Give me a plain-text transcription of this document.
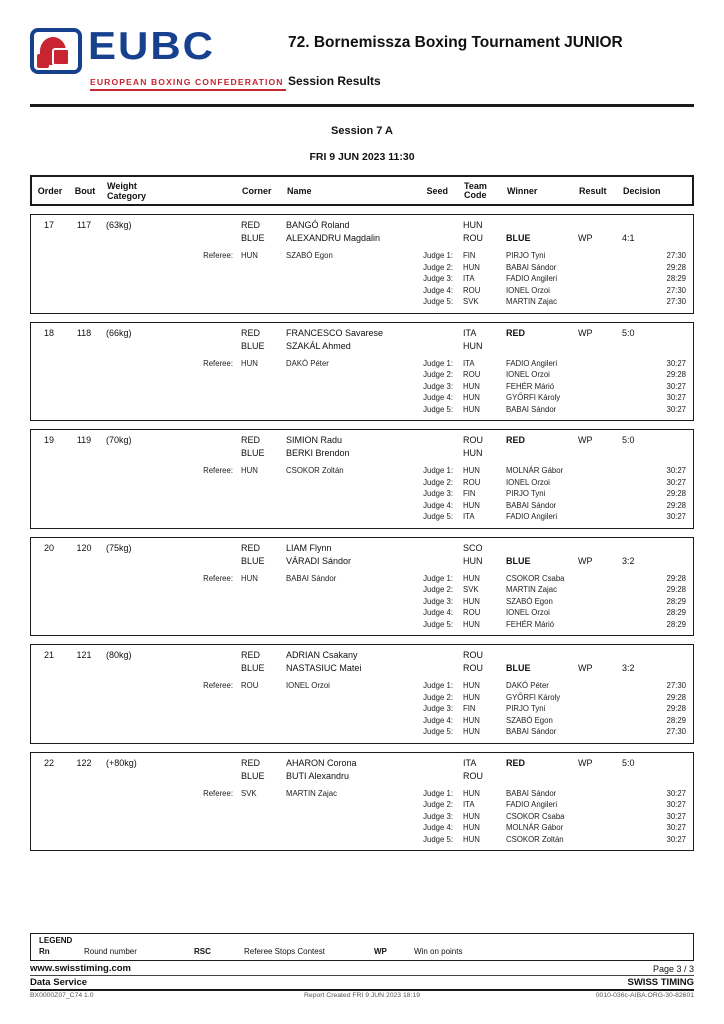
EUBC
EUROPEAN BOXING CONFEDERATION
72. Bornemissza Boxing Tournament JUNIOR
Session Results
Session 7 A
FRI 9 JUN 2023 11:30
Order	Bout	Weight Category	Corner	Name	Seed
Team Code	Winner	Result	Decision
17	117	(63kg)	RED	BANGÓ Roland	HUN
BLUE	ALEXANDRU Magdalin	ROU	BLUE	WP	4:1
Referee:	HUN	SZABÓ Egon	Judge 1:	FIN	PIRJO Tyni	27:30
Judge 2:	HUN	BABAI Sándor	29:28
Judge 3:	ITA	FADIO Angileri	28:29
Judge 4:	ROU	IONEL Orzoi	27:30
Judge 5:	SVK	MARTIN Zajac	27:30
18	118	(66kg)	RED	FRANCESCO Savarese	ITA	RED	WP	5:0
BLUE	SZAKÁL Ahmed	HUN
Referee:	HUN	DAKÓ Péter	Judge 1:	ITA	FADIO Angileri	30:27
Judge 2:	ROU	IONEL Orzoi	29:28
Judge 3:	HUN	FEHÉR Márió	30:27
Judge 4:	HUN	GYŐRFI Károly	30:27
Judge 5:	HUN	BABAI Sándor	30:27
19	119	(70kg)	RED	SIMION Radu	ROU	RED	WP	5:0
BLUE	BERKI Brendon	HUN
Referee:	HUN	CSOKOR Zoltán	Judge 1:	HUN	MOLNÁR Gábor	30:27
Judge 2:	ROU	IONEL Orzoi	30:27
Judge 3:	FIN	PIRJO Tyni	29:28
Judge 4:	HUN	BABAI Sándor	29:28
Judge 5:	ITA	FADIO Angileri	30:27
20	120	(75kg)	RED	LIAM Flynn	SCO
BLUE	VÁRADI Sándor	HUN	BLUE	WP	3:2
Referee:	HUN	BABAI Sándor	Judge 1:	HUN	CSOKOR Csaba	29:28
Judge 2:	SVK	MARTIN Zajac	29:28
Judge 3:	HUN	SZABÓ Egon	28:29
Judge 4:	ROU	IONEL Orzoi	28:29
Judge 5:	HUN	FEHÉR Márió	28:29
21	121	(80kg)	RED	ADRIAN Csakany	ROU
BLUE	NASTASIUC Matei	ROU	BLUE	WP	3:2
Referee:	ROU	IONEL Orzoi	Judge 1:	HUN	DAKÓ Péter	27:30
Judge 2:	HUN	GYŐRFI Károly	29:28
Judge 3:	FIN	PIRJO Tyni	29:28
Judge 4:	HUN	SZABÓ Egon	28:29
Judge 5:	HUN	BABAI Sándor	27:30
22	122	(+80kg)	RED	AHARON Corona	ITA	RED	WP	5:0
BLUE	BUTI Alexandru	ROU
Referee:	SVK	MARTIN Zajac	Judge 1:	HUN	BABAI Sándor	30:27
Judge 2:	ITA	FADIO Angileri	30:27
Judge 3:	HUN	CSOKOR Csaba	30:27
Judge 4:	HUN	MOLNÁR Gábor	30:27
Judge 5:	HUN	CSOKOR Zoltán	30:27
LEGEND
Rn	Round number	RSC	Referee Stops Contest	WP	Win on points
www.swisstiming.com	Page 3 / 3
Data Service	SWISS TIMING
BX0000Z07_C74 1.0	Report Created FRI 9 JUN 2023 18:19	0010-036c-AIBA.ORG-30-82601
